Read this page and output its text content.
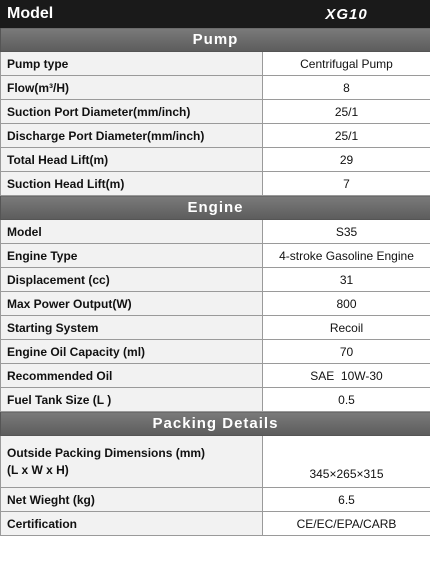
Model	XG10
Pump	
Pump type	Centrifugal Pump
Flow(m³/H)	8
Suction Port Diameter(mm/inch)	25/1
Discharge Port Diameter(mm/inch)	25/1
Total Head Lift(m)	29
Suction Head Lift(m)	7
Engine	
Model	S35
Engine Type	4-stroke Gasoline Engine
Displacement (cc)	31
Max Power Output(W)	800
Starting System	Recoil
Engine Oil Capacity (ml)	70
Recommended Oil	SAE  10W-30
Fuel Tank Size (L )	0.5
Packing Details	
Outside Packing Dimensions (mm)
(L x W x H)	345×265×315
Net Wieght (kg)	6.5
Certification	CE/EC/EPA/CARB
